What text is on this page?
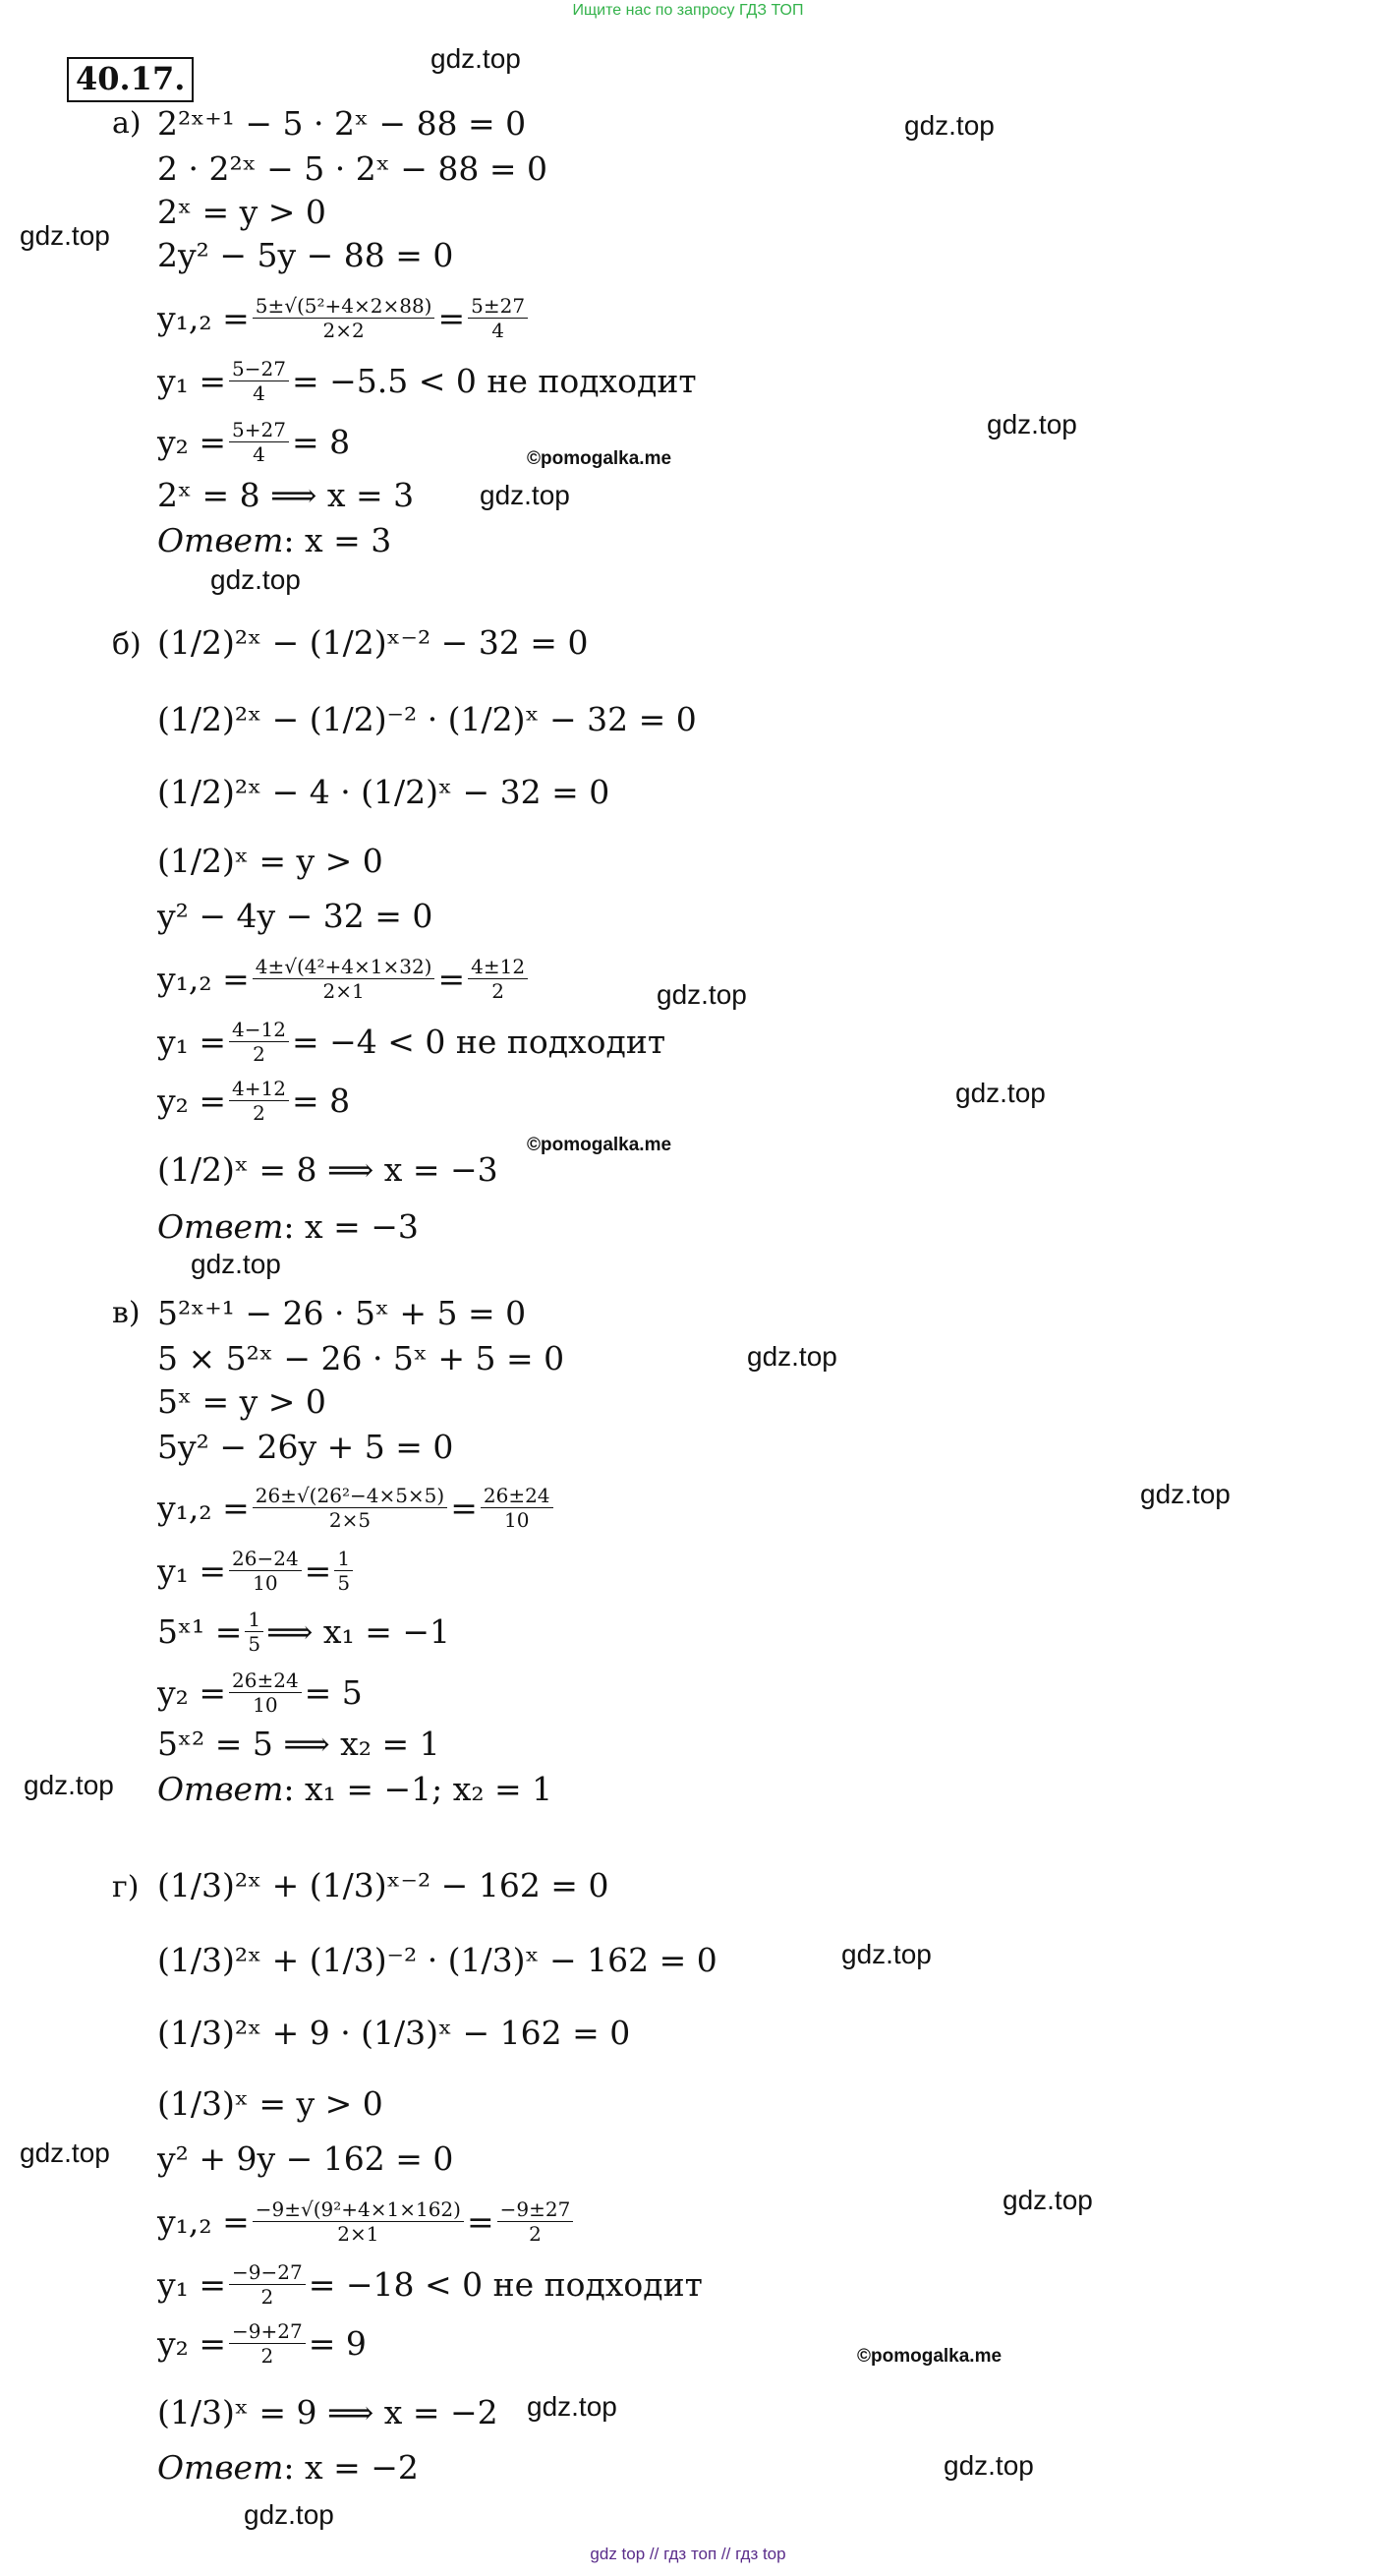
Ищите нас по запросу ГДЗ ТОП
40.17.
а) 2²ˣ⁺¹ − 5 · 2ˣ − 88 = 0
2 · 2²ˣ − 5 · 2ˣ − 88 = 0
2ˣ = y > 0
2y² − 5y − 88 = 0
$y_1,_2 = \frac{\text{5±√(5²+4×2×88)}}{2\times 2} = \frac{5\pm 27}{4}$
$y_1 = \frac{5-27}{4} = -5.5 < 0$ не подходит
$y_2 = \frac{5+27}{4} = 8$
2ˣ = 8 ⟹ x = 3
Ответ : x = 3
б) (1/2)²ˣ − (1/2)ˣ⁻² − 32 = 0
(1/2)²ˣ − (1/2)⁻² · (1/2)ˣ − 32 = 0
(1/2)²ˣ − 4 · (1/2)ˣ − 32 = 0
(1/2)ˣ = y > 0
y² − 4y − 32 = 0
$y_1,_2 = \frac{\text{4±√(4²+4×1×32)}}{2\times 1} = \frac{4\pm 12}{2}$
$y_1 = \frac{4-12}{2} = -4 < 0$ не подходит
$y_2 = \frac{4+12}{2} = 8$
(1/2)ˣ = 8 ⟹ x = −3
Ответ : x = −3
в) 5²ˣ⁺¹ − 26 · 5ˣ + 5 = 0
5 × 5²ˣ − 26 · 5ˣ + 5 = 0
5ˣ = y > 0
5y² − 26y + 5 = 0
$y_1,_2 = \frac{\text{26±√(26²−4×5×5)}}{2\times 5} = \frac{26\pm 24}{10}$
$y_1 = \frac{26-24}{10} = \frac{1}{5}$
5ˣ¹ = $\frac{1}{5}$ ⟹ x₁ = −1
$y_2 = \frac{26\pm 24}{10} = 5$
5ˣ² = 5 ⟹ x₂ = 1
Ответ : x₁ = −1; x₂ = 1
г) (1/3)²ˣ + (1/3)ˣ⁻² − 162 = 0
(1/3)²ˣ + (1/3)⁻² · (1/3)ˣ − 162 = 0
(1/3)²ˣ + 9 · (1/3)ˣ − 162 = 0
(1/3)ˣ = y > 0
y² + 9y − 162 = 0
$y_1,_2 = \frac{\text{−9±√(9²+4×1×162)}}{2\times 1} = \frac{-9\pm 27}{2}$
$y_1 = \frac{-9-27}{2} = -18 < 0$ не подходит
$y_2 = \frac{-9+27}{2} = 9$
(1/3)ˣ = 9 ⟹ x = −2
Ответ : x = −2
gdz.top
gdz.top
gdz.top
gdz.top
gdz.top
gdz.top
gdz.top
gdz.top
gdz.top
gdz.top
gdz.top
gdz.top
gdz.top
gdz.top
gdz.top
gdz.top
gdz.top
gdz.top
©pomogalka.me
©pomogalka.me
©pomogalka.me
gdz top // гдз топ // гдз top
